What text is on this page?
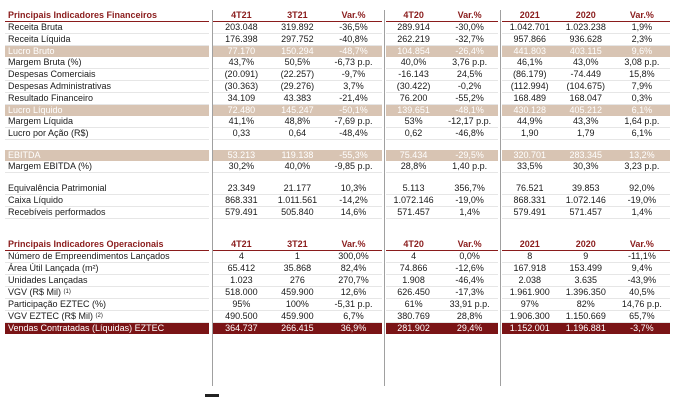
Principais Indicadores Financeiros		4T21	3T21	Var.%		4T20	Var.%		2021	2020	Var.%
Receita Bruta		203.048	319.892	-36,5%		289.914	-30,0%		1.042.701	1.023.238	1,9%
Receita Líquida		176.398	297.752	-40,8%		262.219	-32,7%		957.866	936.628	2,3%
Lucro Bruto		77.170	150.294	-48,7%		104.854	-26,4%		441.803	403.115	9,6%
Margem Bruta (%)		43,7%	50,5%	-6,73 p.p.		40,0%	3,76 p.p.		46,1%	43,0%	3,08 p.p.
Despesas Comerciais		(20.091)	(22.257)	-9,7%		-16.143	24,5%		(86.179)	-74.449	15,8%
Despesas Administrativas		(30.363)	(29.276)	3,7%		(30.422)	-0,2%		(112.994)	(104.675)	7,9%
Resultado Financeiro		34.109	43.383	-21,4%		76.200	-55,2%		168.489	168.047	0,3%
Lucro Líquido		72.480	145.247	-50,1%		139.651	-48,1%		430.128	405.212	6,1%
Margem Líquida		41,1%	48,8%	-7,69 p.p.		53%	-12,17 p.p.		44,9%	43,3%	1,64 p.p.
Lucro por Ação (R$)		0,33	0,64	-48,4%		0,62	-46,8%		1,90	1,79	6,1%

EBITDA		53.213	119.138	-55,3%		75.434	-29,5%		320.701	283.345	13,2%
Margem EBITDA (%)		30,2%	40,0%	-9,85 p.p.		28,8%	1,40 p.p.		33,5%	30,3%	3,23 p.p.

Equivalência Patrimonial		23.349	21.177	10,3%		5.113	356,7%		76.521	39.853	92,0%
Caixa Líquido		868.331	1.011.561	-14,2%		1.072.146	-19,0%		868.331	1.072.146	-19,0%
Recebíveis performados		579.491	505.840	14,6%		571.457	1,4%		579.491	571.457	1,4%

Principais Indicadores Operacionais		4T21	3T21	Var.%		4T20	Var.%		2021	2020	Var.%
Número de Empreendimentos Lançados		4	1	300,0%		4	0,0%		8	9	-11,1%
Área Útil Lançada (m²)		65.412	35.868	82,4%		74.866	-12,6%		167.918	153.499	9,4%
Unidades Lançadas		1.023	276	270,7%		1.908	-46,4%		2.038	3.635	-43,9%
VGV (R$ Mil) $^{(1)}$		518.000	459.900	12,6%		626.450	-17,3%		1.961.900	1.396.350	40,5%
Participação EZTEC (%)		95%	100%	-5,31 p.p.		61%	33,91 p.p.		97%	82%	14,76 p.p.
VGV EZTEC (R$ Mil) $^{(2)}$		490.500	459.900	6,7%		380.769	28,8%		1.906.300	1.150.669	65,7%
Vendas Contratadas (Líquidas) EZTEC		364.737	266.415	36,9%		281.902	29,4%		1.152.001	1.196.881	-3,7%
